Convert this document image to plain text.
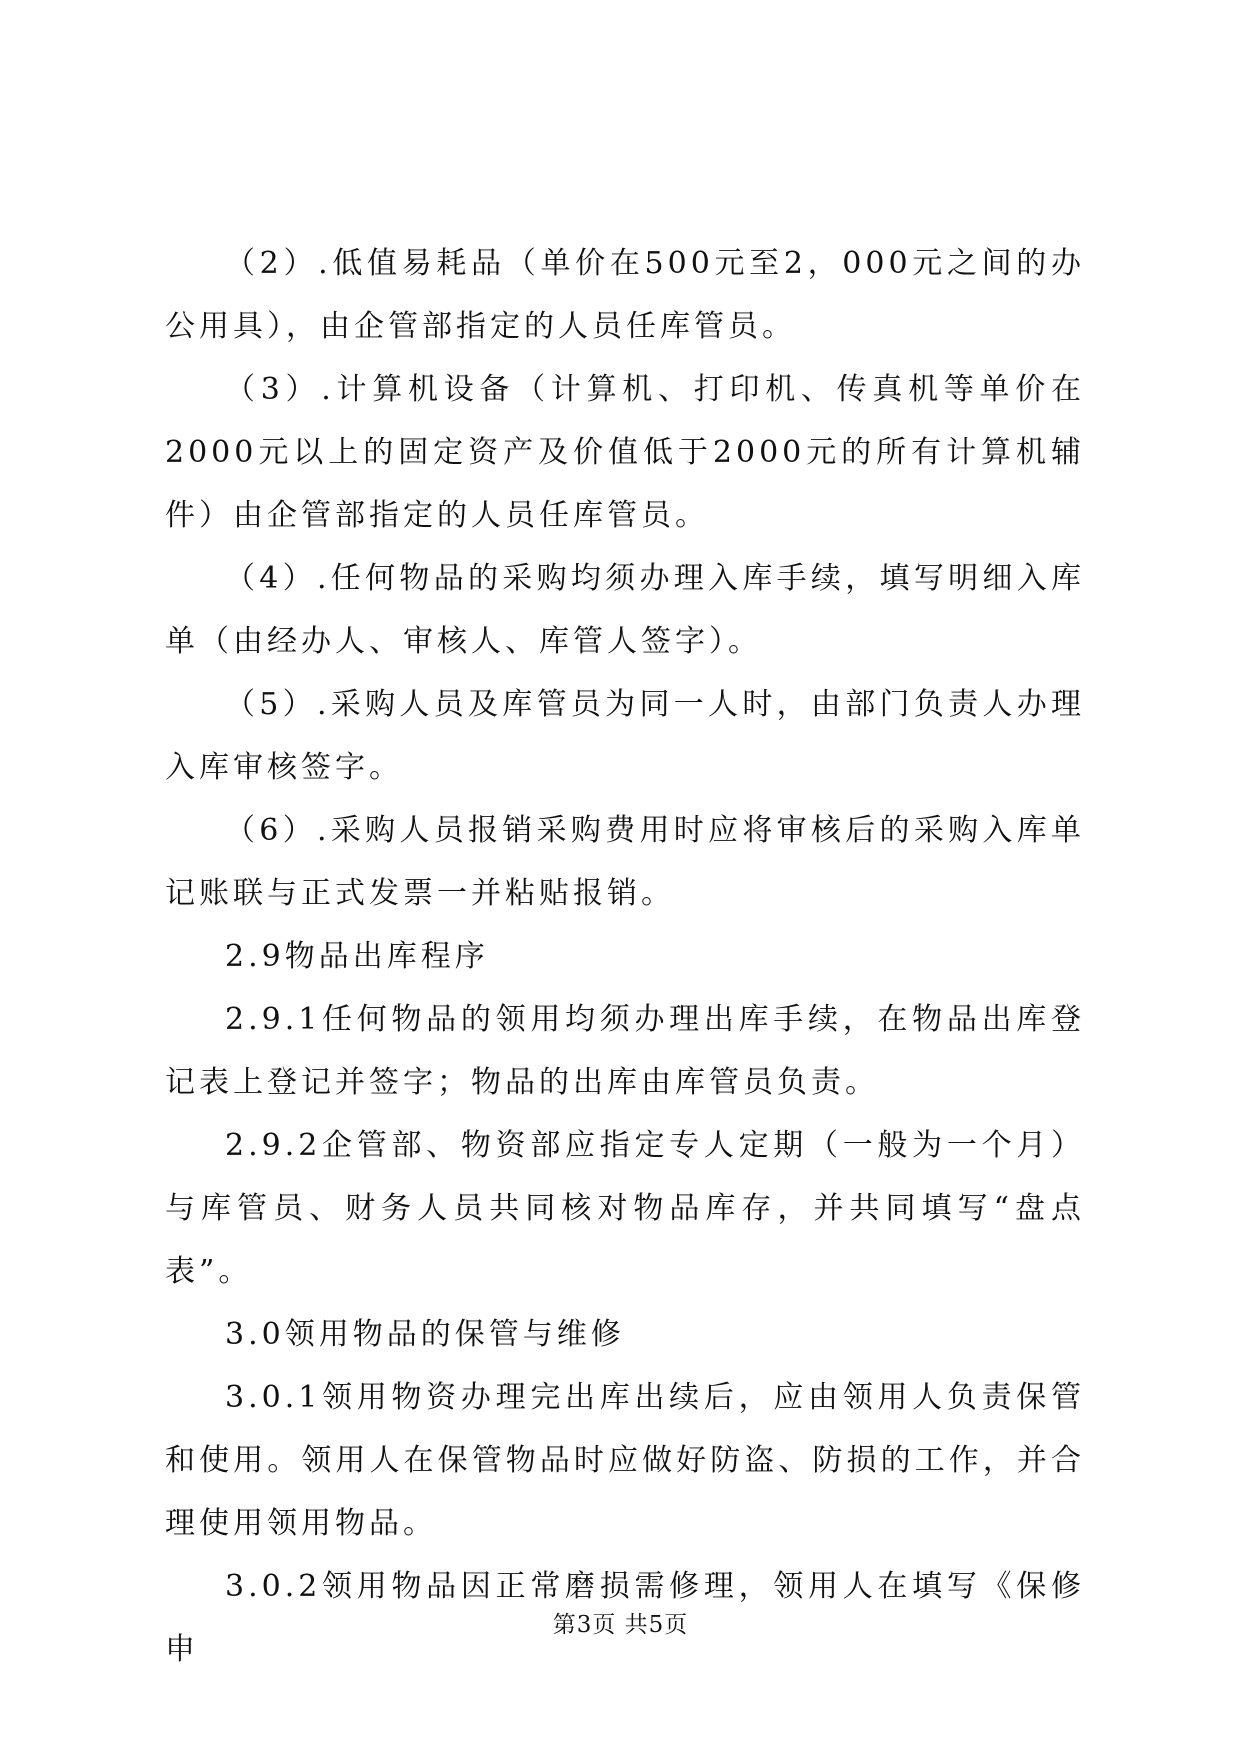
（2）.低值易耗品（单价在500元至2，000元之间的办公用具），由企管部指定的人员任库管员。

（3）.计算机设备（计算机、打印机、传真机等单价在2000元以上的固定资产及价值低于2000元的所有计算机辅件）由企管部指定的人员任库管员。

（4）.任何物品的采购均须办理入库手续，填写明细入库单（由经办人、审核人、库管人签字）。

（5）.采购人员及库管员为同一人时，由部门负责人办理入库审核签字。

（6）.采购人员报销采购费用时应将审核后的采购入库单记账联与正式发票一并粘贴报销。

2.9物品出库程序

2.9.1任何物品的领用均须办理出库手续，在物品出库登记表上登记并签字；物品的出库由库管员负责。

2.9.2企管部、物资部应指定专人定期（一般为一个月）与库管员、财务人员共同核对物品库存，并共同填写“盘点表”。

3.0领用物品的保管与维修

3.0.1领用物资办理完出库出续后，应由领用人负责保管和使用。领用人在保管物品时应做好防盗、防损的工作，并合理使用领用物品。

3.0.2领用物品因正常磨损需修理，领用人在填写《保修申

第3页 共5页
